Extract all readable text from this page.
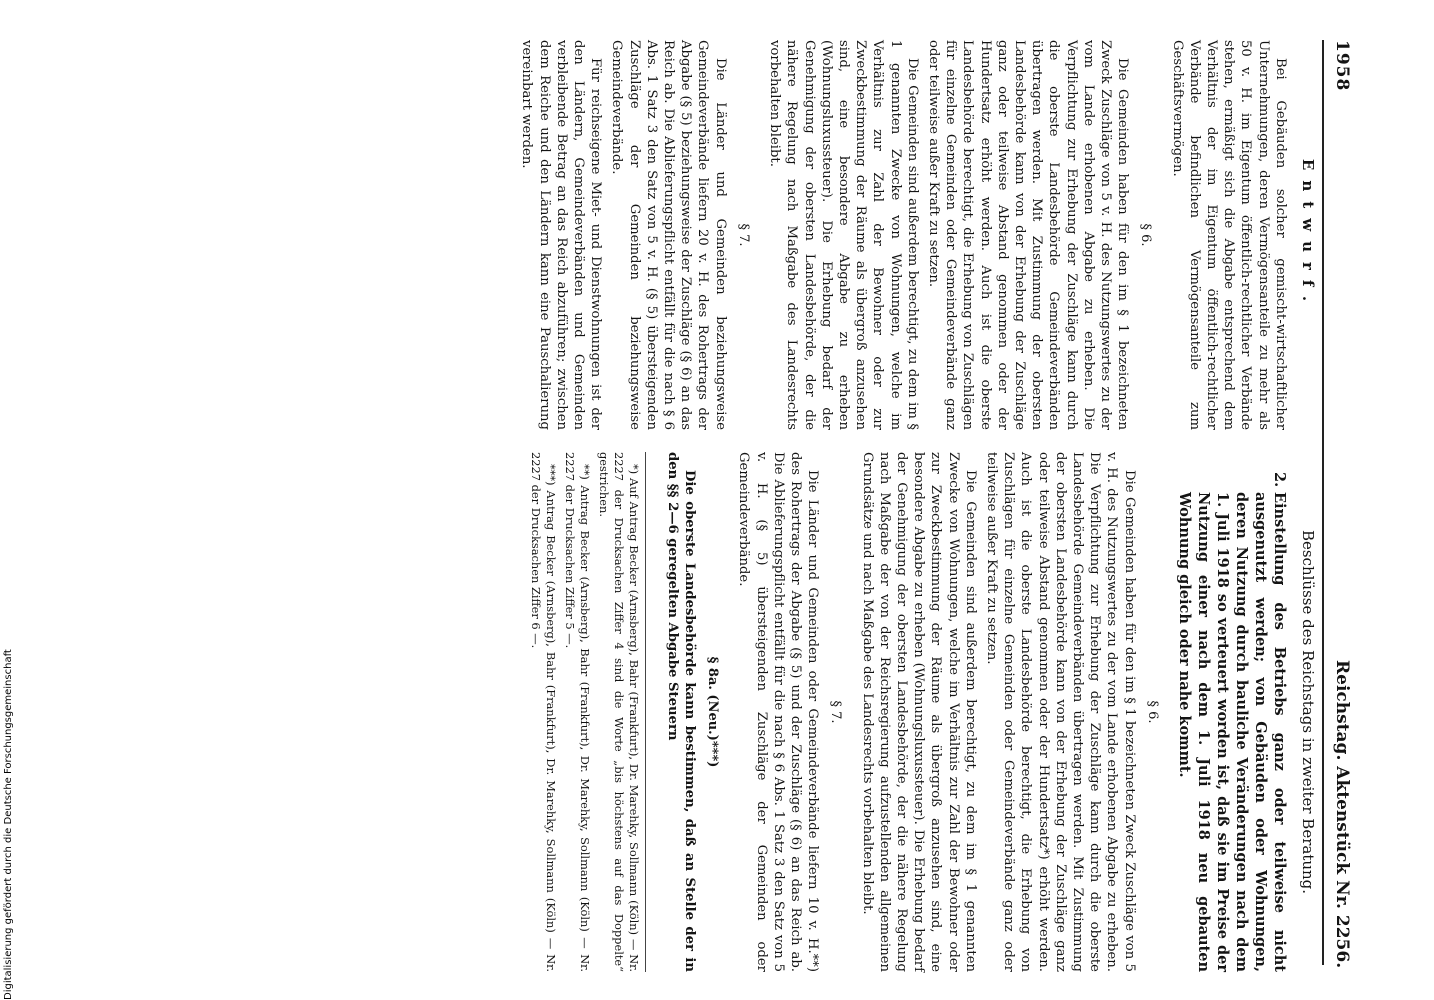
1958
Reichstag. Aktenstück Nr. 2256.
Entwurf.

Bei Gebäuden solcher gemischt-wirtschaftlicher Unternehmungen, deren Vermögensanteile zu mehr als 50 v. H. im Eigentum öffentlich-rechtlicher Verbände stehen, ermäßigt sich die Abgabe entsprechend dem Verhältnis der im Eigentum öffentlich-rechtlicher Verbände befindlichen Vermögensanteile zum Geschäftsvermögen.

§ 6.

Die Gemeinden haben für den im § 1 bezeichneten Zweck Zuschläge von 5 v. H. des Nutzungswertes zu der vom Lande erhobenen Abgabe zu erheben. Die Verpflichtung zur Erhebung der Zuschläge kann durch die oberste Landesbehörde Gemeindeverbänden übertragen werden. Mit Zustimmung der obersten Landesbehörde kann von der Erhebung der Zuschläge ganz oder teilweise Abstand genommen oder der Hundertsatz erhöht werden. Auch ist die oberste Landesbehörde berechtigt, die Erhebung von Zuschlägen für einzelne Gemeinden oder Gemeindeverbände ganz oder teilweise außer Kraft zu setzen.

Die Gemeinden sind außerdem berechtigt, zu dem im § 1 genannten Zwecke von Wohnungen, welche im Verhältnis zur Zahl der Bewohner oder zur Zweckbestimmung der Räume als übergroß anzusehen sind, eine besondere Abgabe zu erheben (Wohnungsluxussteuer). Die Erhebung bedarf der Genehmigung der obersten Landesbehörde, der die nähere Regelung nach Maßgabe des Landesrechts vorbehalten bleibt.

§ 7.

Die Länder und Gemeinden beziehungsweise Gemeindeverbände liefern 20 v. H. des Rohertrags der Abgabe (§ 5) beziehungsweise der Zuschläge (§ 6) an das Reich ab. Die Ablieferungspflicht entfällt für die nach § 6 Abs. 1 Satz 3 den Satz von 5 v. H. (§ 5) übersteigenden Zuschläge der Gemeinden beziehungsweise Gemeindeverbände.

Für reichseigene Miet- und Dienstwohnungen ist der den Ländern, Gemeindeverbänden und Gemeinden verbleibende Betrag an das Reich abzuführen; zwischen dem Reiche und den Ländern kann eine Pauschalierung vereinbart werden.

Beschlüsse des Reichstags in zweiter Beratung.
2.Einstellung des Betriebs ganz oder teilweise nicht ausgenutzt werden; von Gebäuden oder Wohnungen, deren Nutzung durch bauliche Veränderungen nach dem 1. Juli 1918 so verteuert worden ist, daß sie im Preise der Nutzung einer nach dem 1. Juli 1918 neu gebauten Wohnung gleich oder nahe kommt.
§ 6.

Die Gemeinden haben für den im § 1 bezeichneten Zweck Zuschläge von 5 v. H. des Nutzungswertes zu der vom Lande erhobenen Abgabe zu erheben. Die Verpflichtung zur Erhebung der Zuschläge kann durch die oberste Landesbehörde Gemeindeverbänden übertragen werden. Mit Zustimmung der obersten Landesbehörde kann von der Erhebung der Zuschläge ganz oder teilweise Abstand genommen oder der Hundertsatz*) erhöht werden. Auch ist die oberste Landesbehörde berechtigt, die Erhebung von Zuschlägen für einzelne Gemeinden oder Gemeindeverbände ganz oder teilweise außer Kraft zu setzen.

Die Gemeinden sind außerdem berechtigt, zu dem im § 1 genannten Zwecke von Wohnungen, welche im Verhältnis zur Zahl der Bewohner oder zur Zweckbestimmung der Räume als übergroß anzusehen sind, eine besondere Abgabe zu erheben (Wohnungsluxussteuer). Die Erhebung bedarf der Genehmigung der obersten Landesbehörde, der die nähere Regelung nach Maßgabe der von der Reichsregierung aufzustellenden allgemeinen Grundsätze und nach Maßgabe des Landesrechts vorbehalten bleibt.

§ 7.

Die Länder und Gemeinden oder Gemeindeverbände liefern 10 v. H.**) des Rohertrags der Abgabe (§ 5) und der Zuschläge (§ 6) an das Reich ab. Die Ablieferungspflicht entfällt für die nach § 6 Abs. 1 Satz 3 den Satz von 5 v. H. (§ 5) übersteigenden Zuschläge der Gemeinden oder Gemeindeverbände.

§ 8a. (Neu.)***)

Die oberste Landesbehörde kann bestimmen, daß an Stelle der in den §§ 2—6 geregelten Abgabe Steuern

*) Auf Antrag Becker (Arnsberg), Bahr (Frankfurt), Dr. Marehky, Sollmann (Köln) — Nr. 2227 der Drucksachen Ziffer 4 sind die Worte „bis höchstens auf das Doppelte“ gestrichen.

**) Antrag Becker (Arnsberg), Bahr (Frankfurt), Dr. Marehky, Sollmann (Köln) — Nr. 2227 der Drucksachen Ziffer 5 —.

***) Antrag Becker (Arnsberg), Bahr (Frankfurt), Dr. Marehky, Sollmann (Köln) — Nr. 2227 der Drucksachen Ziffer 6 —.

Digitalisierung gefördert durch die Deutsche Forschungsgemeinschaft
